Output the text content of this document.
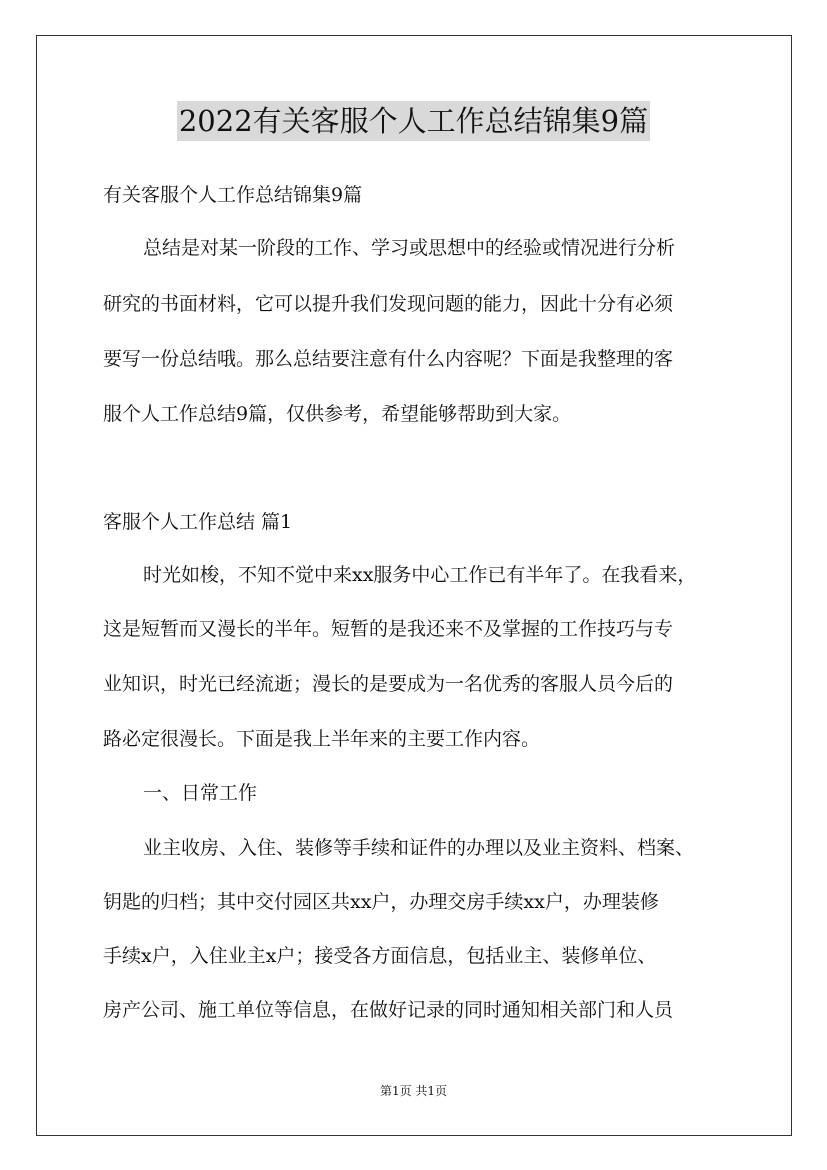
2022有关客服个人工作总结锦集9篇
有关客服个人工作总结锦集9篇
总结是对某一阶段的工作、学习或思想中的经验或情况进行分析
研究的书面材料，它可以提升我们发现问题的能力，因此十分有必须
要写一份总结哦。那么总结要注意有什么内容呢？下面是我整理的客
服个人工作总结9篇，仅供参考，希望能够帮助到大家。
客服个人工作总结 篇1
时光如梭，不知不觉中来xx服务中心工作已有半年了。在我看来，
这是短暂而又漫长的半年。短暂的是我还来不及掌握的工作技巧与专
业知识，时光已经流逝；漫长的是要成为一名优秀的客服人员今后的
路必定很漫长。下面是我上半年来的主要工作内容。
一、日常工作
业主收房、入住、装修等手续和证件的办理以及业主资料、档案、
钥匙的归档；其中交付园区共xx户，办理交房手续xx户，办理装修
手续x户，入住业主x户；接受各方面信息，包括业主、装修单位、
房产公司、施工单位等信息，在做好记录的同时通知相关部门和人员
第1页 共1页
